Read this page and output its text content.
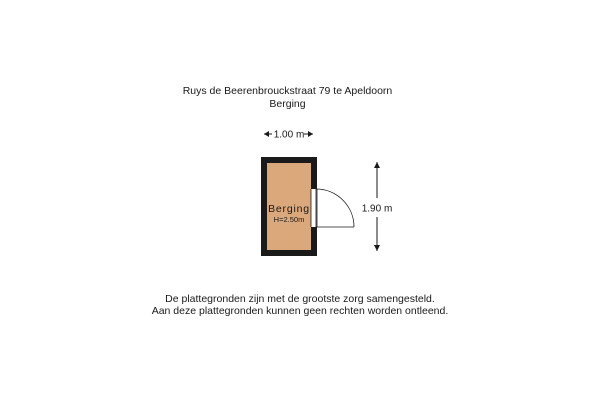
Ruys de Beerenbrouckstraat 79 te Apeldoorn
Berging
1.00 m
Berging
H=2.50m
1.90 m
De plattegronden zijn met de grootste zorg samengesteld.
Aan deze plattegronden kunnen geen rechten worden ontleend.
